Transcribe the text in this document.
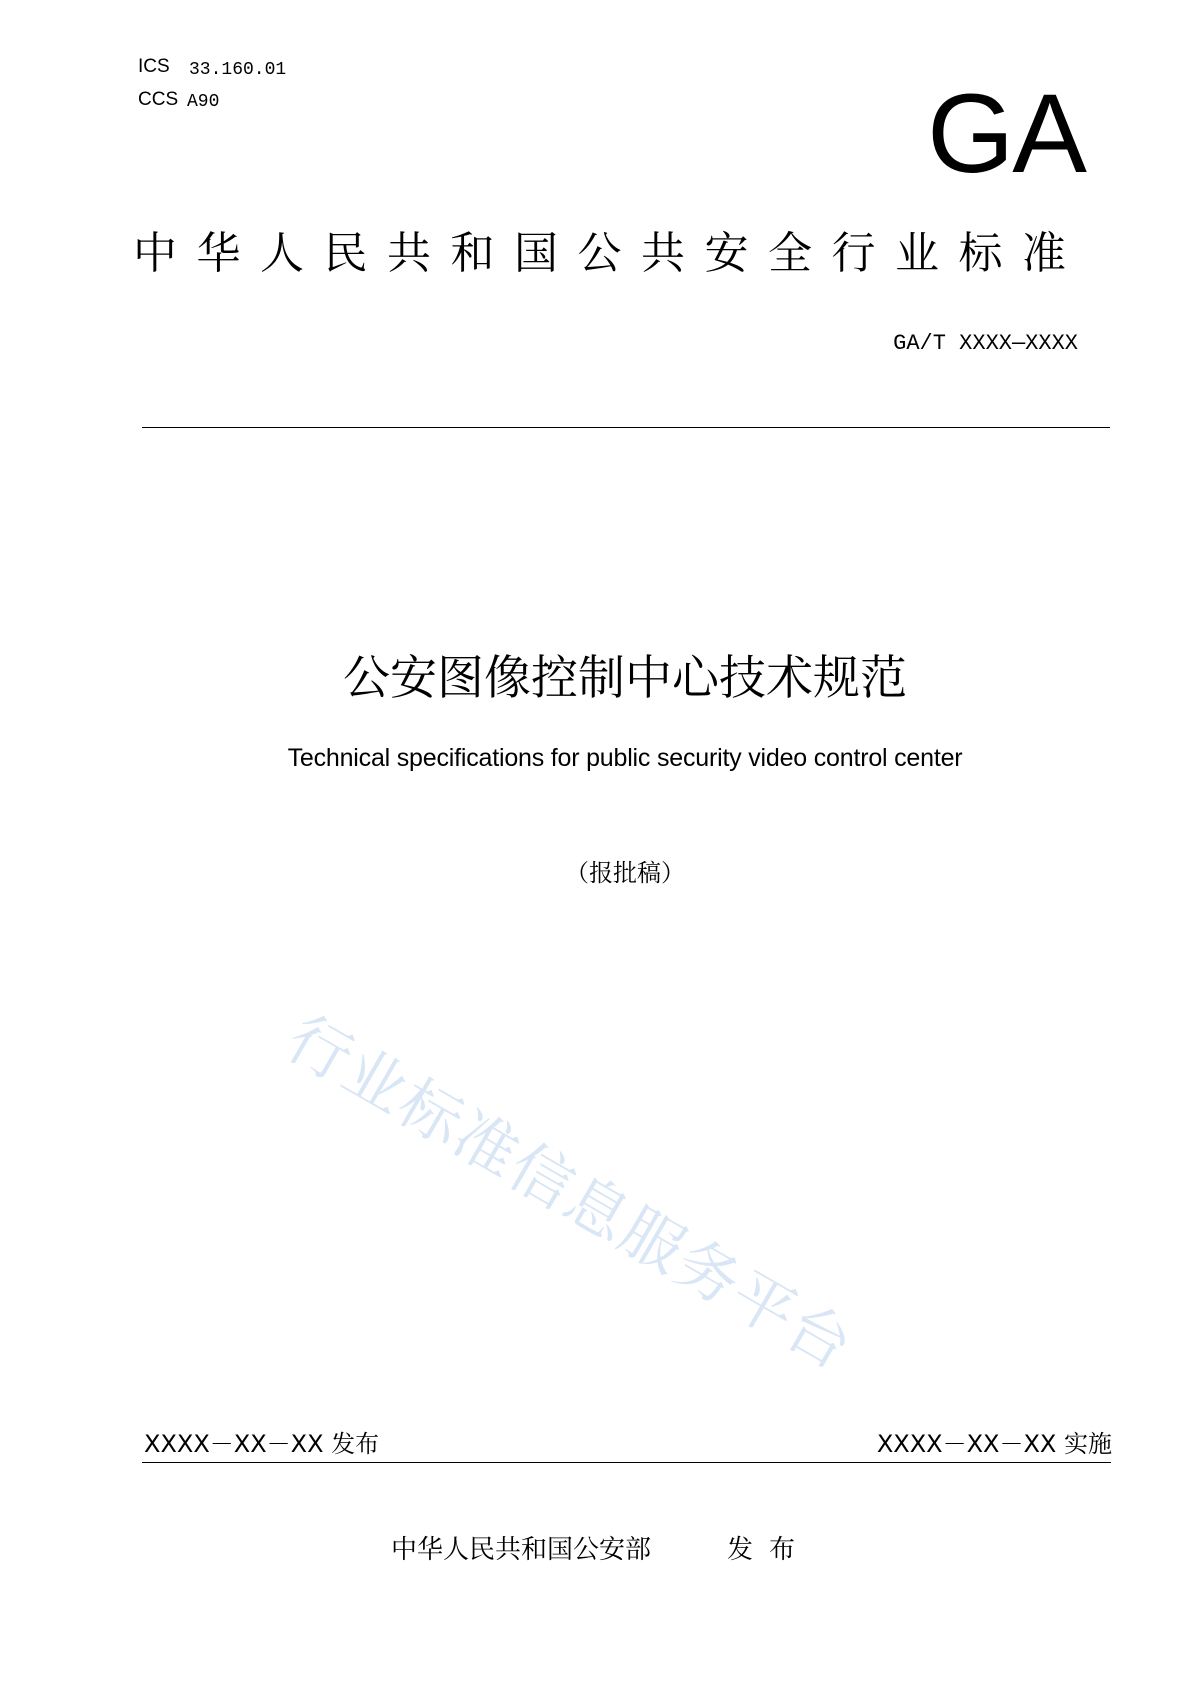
ICS 33.160.01
CCS A90	GA
中华人民共和国公共安全行业标准
GA/T XXXX—XXXX
公安图像控制中心技术规范
Technical specifications for public security video control center
（报批稿）
行业标准信息服务平台
XXXX－XX－XX 发布	XXXX－XX－XX 实施
中华人民共和国公安部	发布
